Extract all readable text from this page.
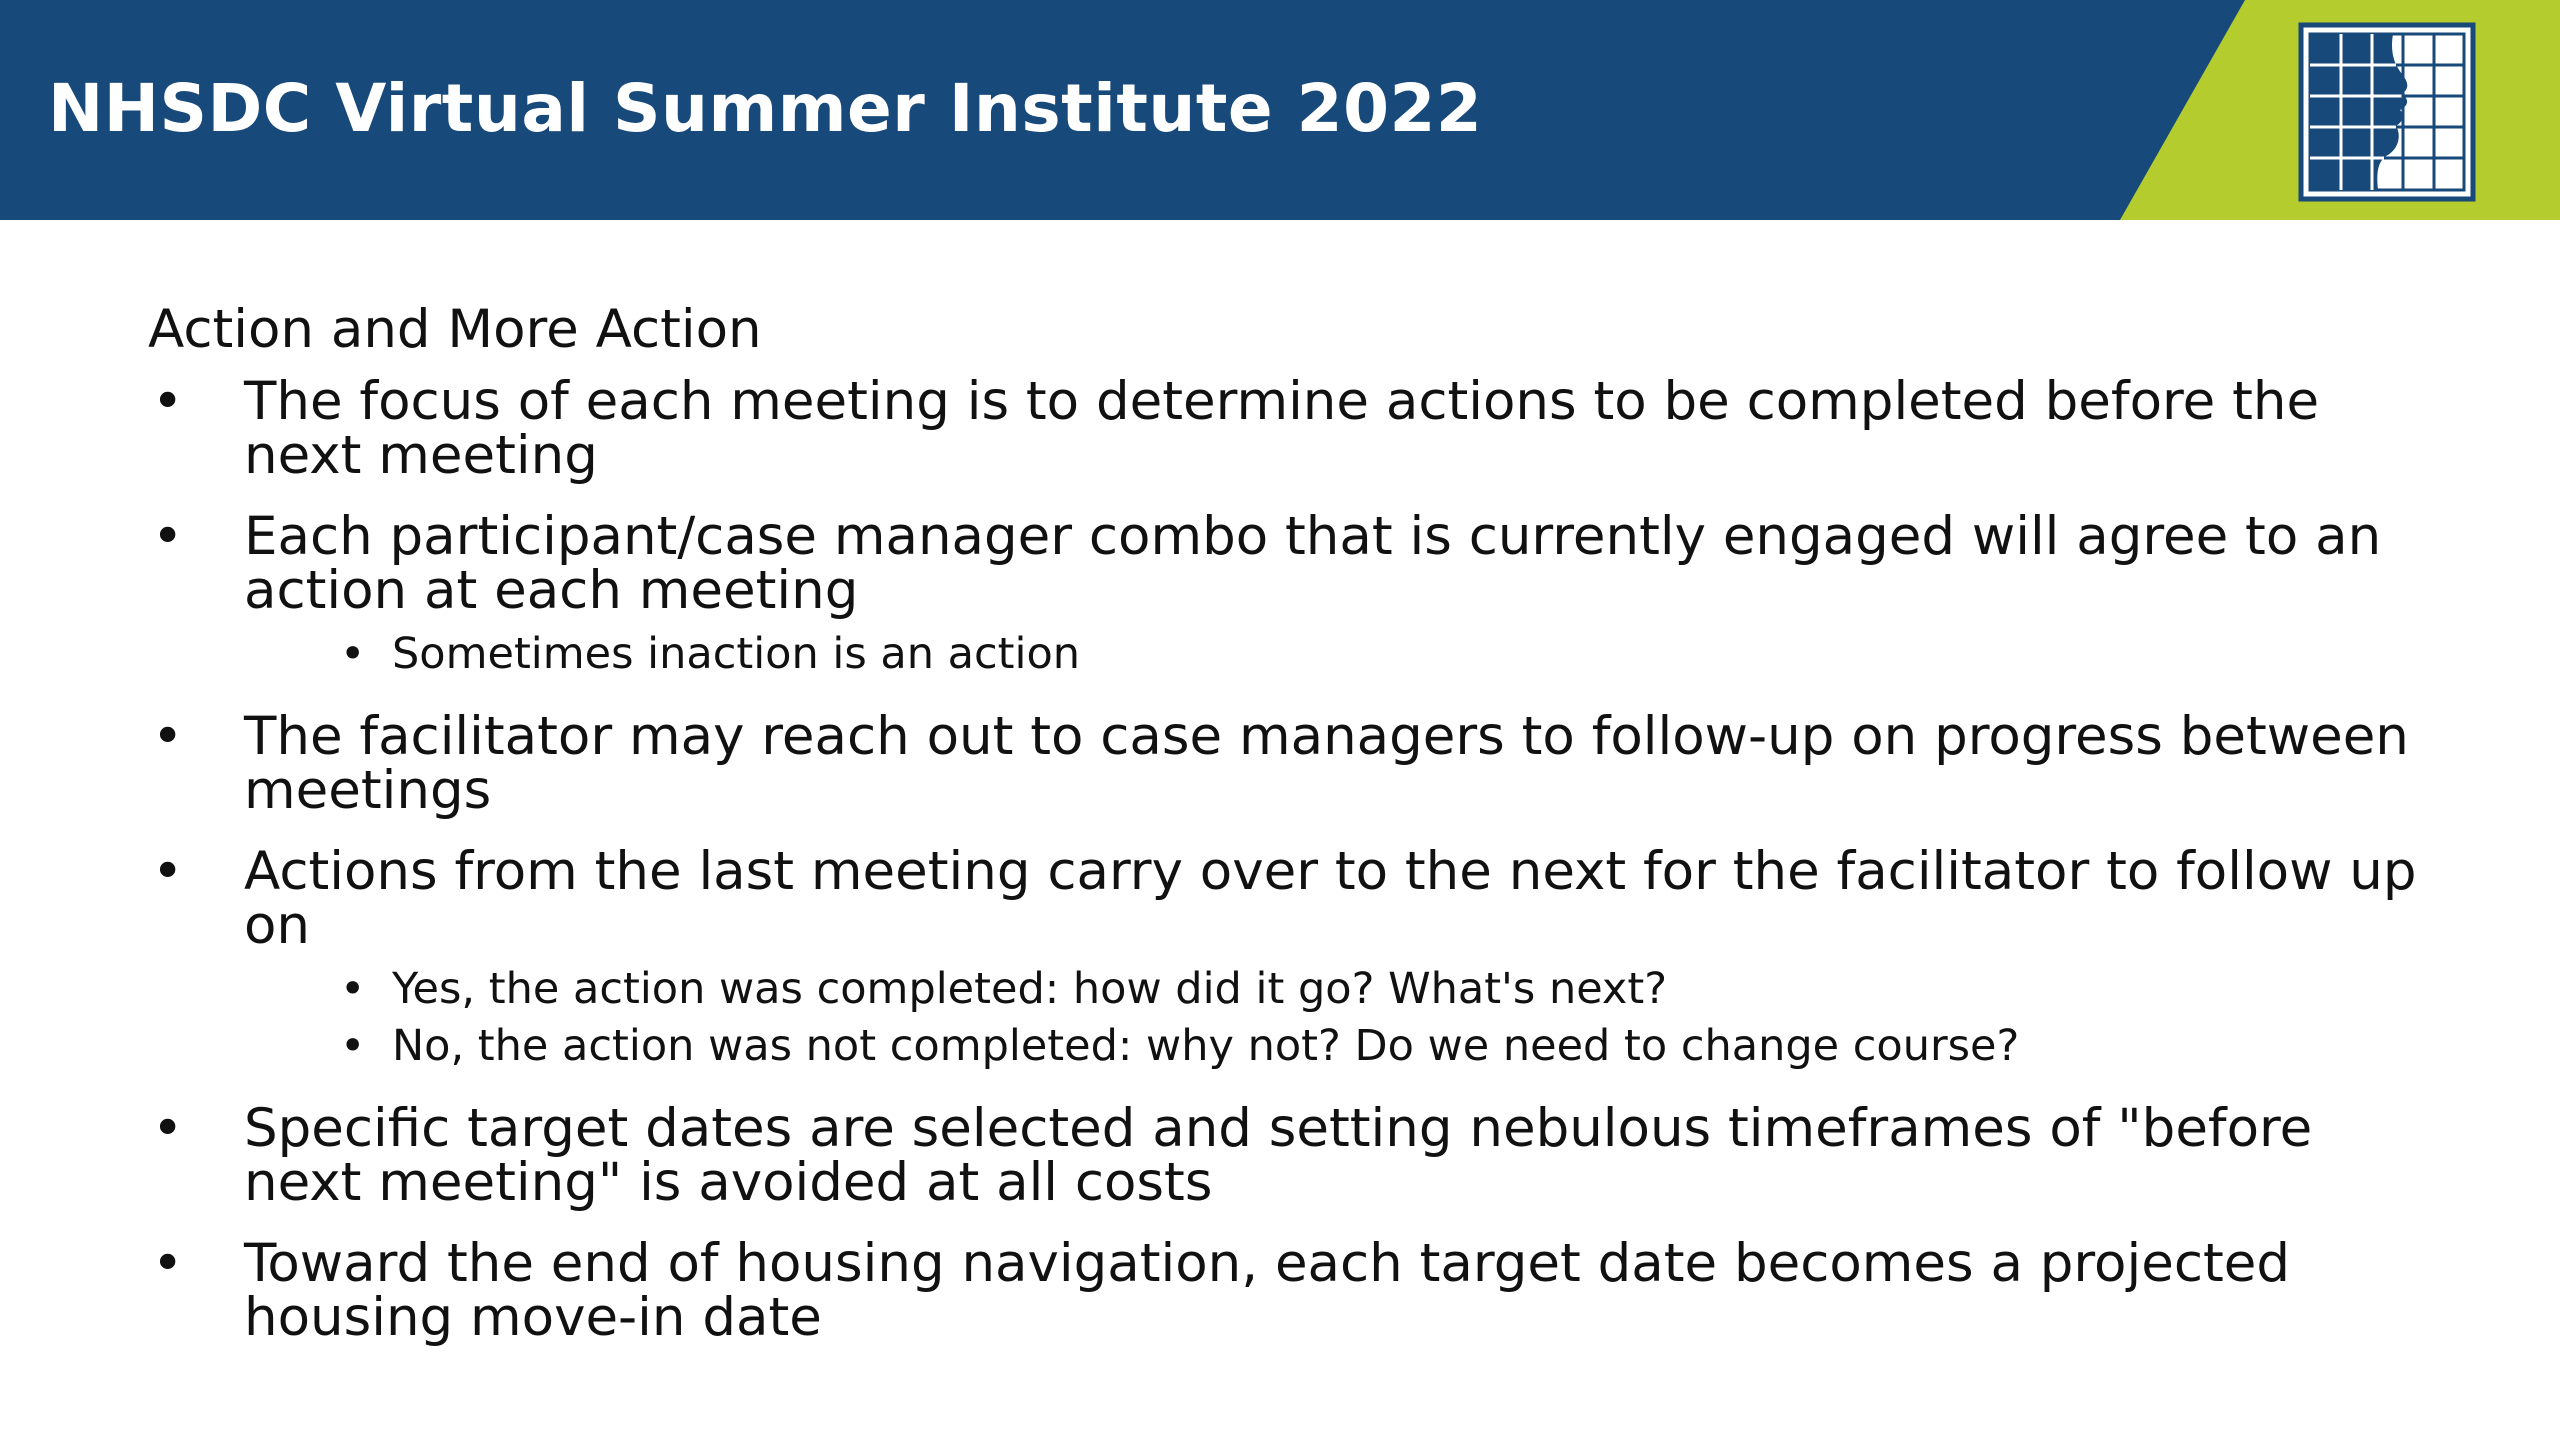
NHSDC Virtual Summer Institute 2022
Action and More Action
• The focus of each meeting is to determine actions to be completed before the next meeting
• Each participant/case manager combo that is currently engaged will agree to an action at each meeting
• Sometimes inaction is an action
• The facilitator may reach out to case managers to follow-up on progress between meetings
• Actions from the last meeting carry over to the next for the facilitator to follow up on
• Yes, the action was completed: how did it go? What's next?
• No, the action was not completed: why not? Do we need to change course?
• Specific target dates are selected and setting nebulous timeframes of "before next meeting" is avoided at all costs
• Toward the end of housing navigation, each target date becomes a projected housing move-in date
